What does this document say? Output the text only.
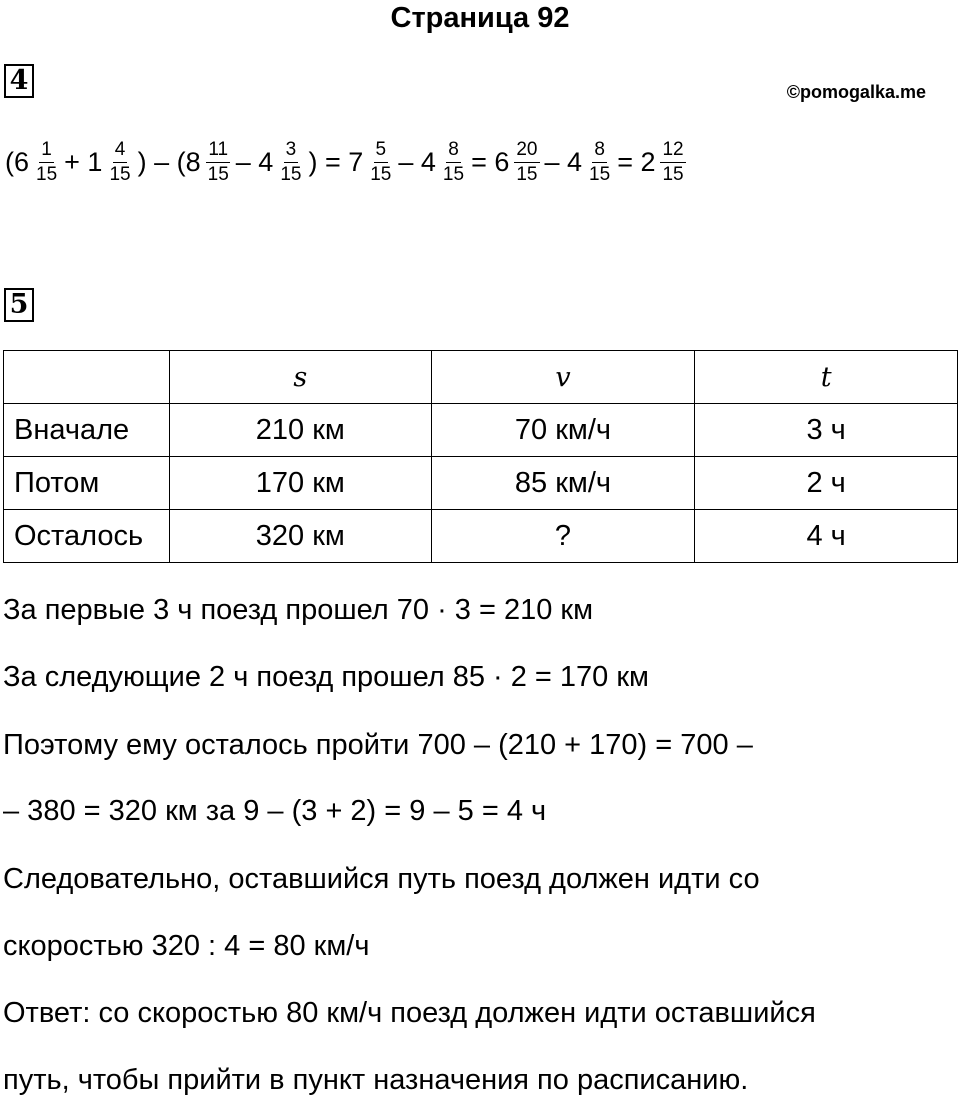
Страница 92
4	©pomogalka.me
($6 \frac{1}{15} + 1 \frac{4}{15}$ ) – ($8 \frac{11}{15} - 4 \frac{3}{15}$ ) = $7 \frac{5}{15} - 4 \frac{8}{15} = 6 \frac{20}{15} - 4 \frac{8}{15} = 2 \frac{12}{15}$
5
	s	v	t
Вначале	210 км	70 км/ч	3 ч
Потом	170 км	85 км/ч	2 ч
Осталось	320 км	?	4 ч
За первые 3 ч поезд прошел 70 · 3 = 210 км
За следующие 2 ч поезд прошел 85 · 2 = 170 км
Поэтому ему осталось пройти 700 – (210 + 170) = 700 –
– 380 = 320 км за 9 – (3 + 2) = 9 – 5 = 4 ч
Следовательно, оставшийся путь поезд должен идти со
скоростью 320 : 4 = 80 км/ч
Ответ: со скоростью 80 км/ч поезд должен идти оставшийся
путь, чтобы прийти в пункт назначения по расписанию.
